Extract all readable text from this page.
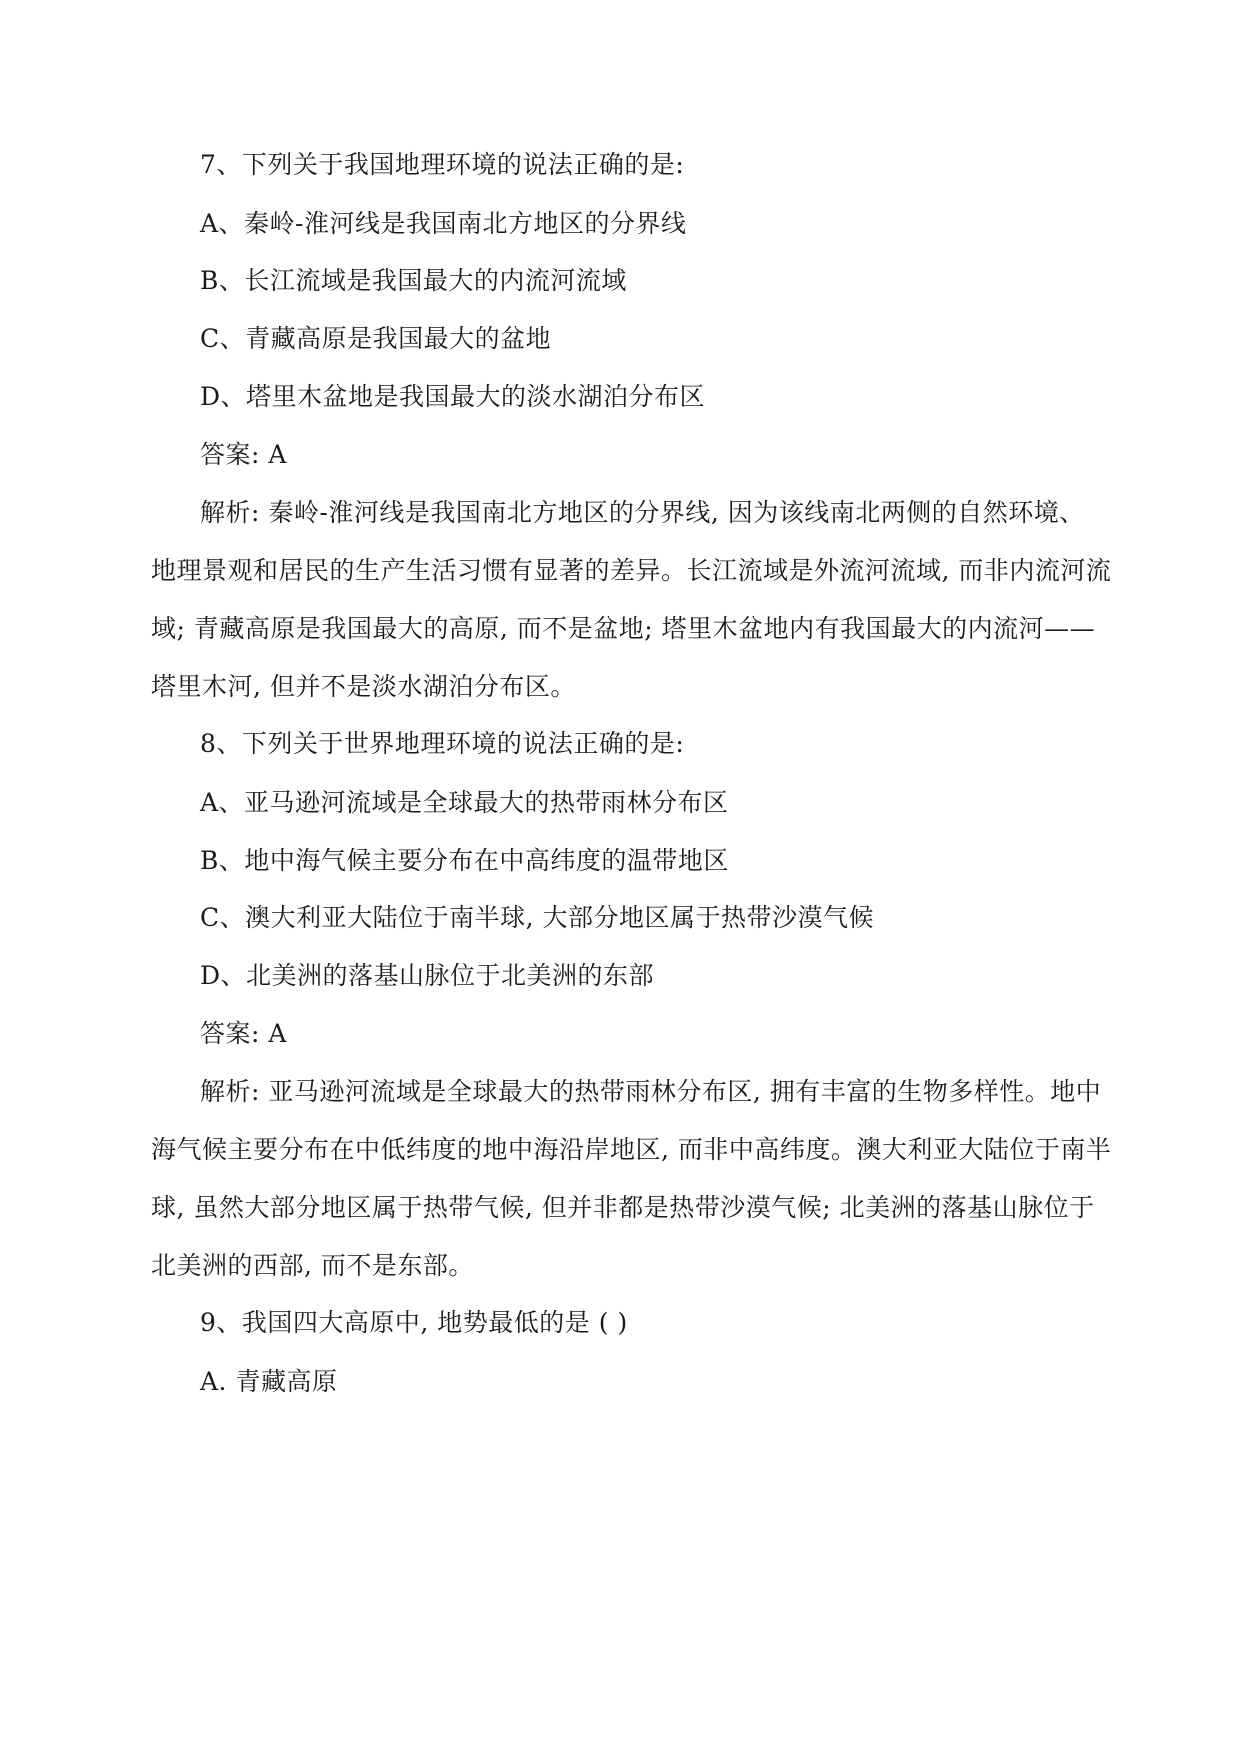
7、下列关于我国地理环境的说法正确的是:
A、秦岭-淮河线是我国南北方地区的分界线
B、长江流域是我国最大的内流河流域
C、青藏高原是我国最大的盆地
D、塔里木盆地是我国最大的淡水湖泊分布区
答案: A
解析: 秦岭-淮河线是我国南北方地区的分界线, 因为该线南北两侧的自然环境、
地理景观和居民的生产生活习惯有显著的差异。长江流域是外流河流域, 而非内流河流
域; 青藏高原是我国最大的高原, 而不是盆地; 塔里木盆地内有我国最大的内流河——
塔里木河, 但并不是淡水湖泊分布区。
8、下列关于世界地理环境的说法正确的是:
A、亚马逊河流域是全球最大的热带雨林分布区
B、地中海气候主要分布在中高纬度的温带地区
C、澳大利亚大陆位于南半球, 大部分地区属于热带沙漠气候
D、北美洲的落基山脉位于北美洲的东部
答案: A
解析: 亚马逊河流域是全球最大的热带雨林分布区, 拥有丰富的生物多样性。地中
海气候主要分布在中低纬度的地中海沿岸地区, 而非中高纬度。澳大利亚大陆位于南半
球, 虽然大部分地区属于热带气候, 但并非都是热带沙漠气候; 北美洲的落基山脉位于
北美洲的西部, 而不是东部。
9、我国四大高原中, 地势最低的是 ( )
A. 青藏高原
